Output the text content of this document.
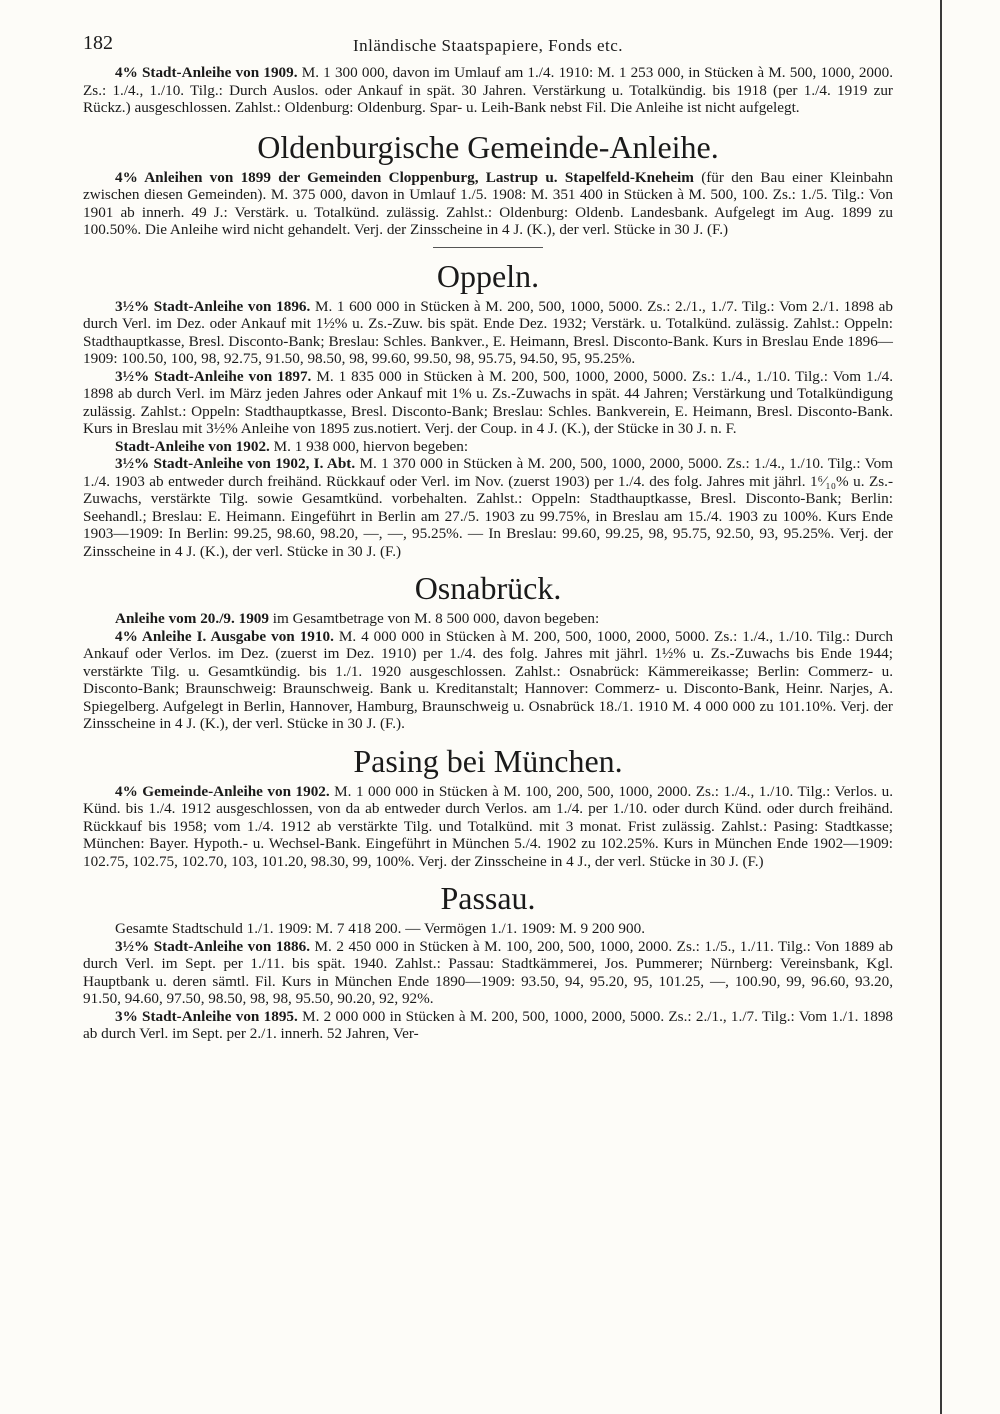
182	Inländische Staatspapiere, Fonds etc.

4% Stadt-Anleihe von 1909. M. 1 300 000, davon im Umlauf am 1./4. 1910: M. 1 253 000, in Stücken à M. 500, 1000, 2000. Zs.: 1./4., 1./10. Tilg.: Durch Auslos. oder Ankauf in spät. 30 Jahren. Verstärkung u. Totalkündig. bis 1918 (per 1./4. 1919 zur Rückz.) ausgeschlossen. Zahlst.: Oldenburg: Oldenburg. Spar- u. Leih-Bank nebst Fil. Die Anleihe ist nicht aufgelegt.

Oldenburgische Gemeinde-Anleihe.

4% Anleihen von 1899 der Gemeinden Cloppenburg, Lastrup u. Stapelfeld-Kneheim (für den Bau einer Kleinbahn zwischen diesen Gemeinden). M. 375 000, davon in Umlauf 1./5. 1908: M. 351 400 in Stücken à M. 500, 100. Zs.: 1./5. Tilg.: Von 1901 ab innerh. 49 J.: Verstärk. u. Totalkünd. zulässig. Zahlst.: Oldenburg: Oldenb. Landesbank. Aufgelegt im Aug. 1899 zu 100.50%. Die Anleihe wird nicht gehandelt. Verj. der Zinsscheine in 4 J. (K.), der verl. Stücke in 30 J. (F.)

Oppeln.

3½% Stadt-Anleihe von 1896. M. 1 600 000 in Stücken à M. 200, 500, 1000, 5000. Zs.: 2./1., 1./7. Tilg.: Vom 2./1. 1898 ab durch Verl. im Dez. oder Ankauf mit 1½% u. Zs.-Zuw. bis spät. Ende Dez. 1932; Verstärk. u. Totalkünd. zulässig. Zahlst.: Oppeln: Stadthauptkasse, Bresl. Disconto-Bank; Breslau: Schles. Bankver., E. Heimann, Bresl. Disconto-Bank. Kurs in Breslau Ende 1896—1909: 100.50, 100, 98, 92.75, 91.50, 98.50, 98, 99.60, 99.50, 98, 95.75, 94.50, 95, 95.25%.

3½% Stadt-Anleihe von 1897. M. 1 835 000 in Stücken à M. 200, 500, 1000, 2000, 5000. Zs.: 1./4., 1./10. Tilg.: Vom 1./4. 1898 ab durch Verl. im März jeden Jahres oder Ankauf mit 1% u. Zs.-Zuwachs in spät. 44 Jahren; Verstärkung und Totalkündigung zulässig. Zahlst.: Oppeln: Stadthauptkasse, Bresl. Disconto-Bank; Breslau: Schles. Bankverein, E. Heimann, Bresl. Disconto-Bank. Kurs in Breslau mit 3½% Anleihe von 1895 zus.notiert. Verj. der Coup. in 4 J. (K.), der Stücke in 30 J. n. F.

Stadt-Anleihe von 1902. M. 1 938 000, hiervon begeben:

3½% Stadt-Anleihe von 1902, I. Abt. M. 1 370 000 in Stücken à M. 200, 500, 1000, 2000, 5000. Zs.: 1./4., 1./10. Tilg.: Vom 1./4. 1903 ab entweder durch freihänd. Rückkauf oder Verl. im Nov. (zuerst 1903) per 1./4. des folg. Jahres mit jährl. 1⁶⁄₁₀% u. Zs.-Zuwachs, verstärkte Tilg. sowie Gesamtkünd. vorbehalten. Zahlst.: Oppeln: Stadthauptkasse, Bresl. Disconto-Bank; Berlin: Seehandl.; Breslau: E. Heimann. Eingeführt in Berlin am 27./5. 1903 zu 99.75%, in Breslau am 15./4. 1903 zu 100%. Kurs Ende 1903—1909: In Berlin: 99.25, 98.60, 98.20, —, —, 95.25%. — In Breslau: 99.60, 99.25, 98, 95.75, 92.50, 93, 95.25%. Verj. der Zinsscheine in 4 J. (K.), der verl. Stücke in 30 J. (F.)

Osnabrück.

Anleihe vom 20./9. 1909 im Gesamtbetrage von M. 8 500 000, davon begeben:

4% Anleihe I. Ausgabe von 1910. M. 4 000 000 in Stücken à M. 200, 500, 1000, 2000, 5000. Zs.: 1./4., 1./10. Tilg.: Durch Ankauf oder Verlos. im Dez. (zuerst im Dez. 1910) per 1./4. des folg. Jahres mit jährl. 1½% u. Zs.-Zuwachs bis Ende 1944; verstärkte Tilg. u. Gesamtkündig. bis 1./1. 1920 ausgeschlossen. Zahlst.: Osnabrück: Kämmereikasse; Berlin: Commerz- u. Disconto-Bank; Braunschweig: Braunschweig. Bank u. Kreditanstalt; Hannover: Commerz- u. Disconto-Bank, Heinr. Narjes, A. Spiegelberg. Aufgelegt in Berlin, Hannover, Hamburg, Braunschweig u. Osnabrück 18./1. 1910 M. 4 000 000 zu 101.10%. Verj. der Zinsscheine in 4 J. (K.), der verl. Stücke in 30 J. (F.).

Pasing bei München.

4% Gemeinde-Anleihe von 1902. M. 1 000 000 in Stücken à M. 100, 200, 500, 1000, 2000. Zs.: 1./4., 1./10. Tilg.: Verlos. u. Künd. bis 1./4. 1912 ausgeschlossen, von da ab entweder durch Verlos. am 1./4. per 1./10. oder durch Künd. oder durch freihänd. Rückkauf bis 1958; vom 1./4. 1912 ab verstärkte Tilg. und Totalkünd. mit 3 monat. Frist zulässig. Zahlst.: Pasing: Stadtkasse; München: Bayer. Hypoth.- u. Wechsel-Bank. Eingeführt in München 5./4. 1902 zu 102.25%. Kurs in München Ende 1902—1909: 102.75, 102.75, 102.70, 103, 101.20, 98.30, 99, 100%. Verj. der Zinsscheine in 4 J., der verl. Stücke in 30 J. (F.)

Passau.

Gesamte Stadtschuld 1./1. 1909: M. 7 418 200. — Vermögen 1./1. 1909: M. 9 200 900.

3½% Stadt-Anleihe von 1886. M. 2 450 000 in Stücken à M. 100, 200, 500, 1000, 2000. Zs.: 1./5., 1./11. Tilg.: Von 1889 ab durch Verl. im Sept. per 1./11. bis spät. 1940. Zahlst.: Passau: Stadtkämmerei, Jos. Pummerer; Nürnberg: Vereinsbank, Kgl. Hauptbank u. deren sämtl. Fil. Kurs in München Ende 1890—1909: 93.50, 94, 95.20, 95, 101.25, —, 100.90, 99, 96.60, 93.20, 91.50, 94.60, 97.50, 98.50, 98, 98, 95.50, 90.20, 92, 92%.

3% Stadt-Anleihe von 1895. M. 2 000 000 in Stücken à M. 200, 500, 1000, 2000, 5000. Zs.: 2./1., 1./7. Tilg.: Vom 1./1. 1898 ab durch Verl. im Sept. per 2./1. innerh. 52 Jahren, Ver-
